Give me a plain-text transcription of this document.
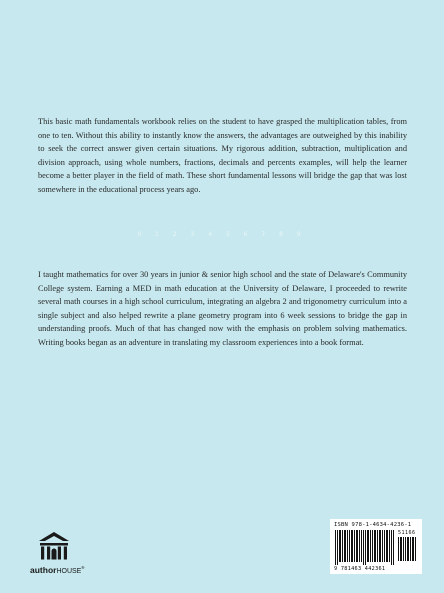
This basic math fundamentals workbook relies on the student to have grasped the multiplication tables, from one to ten. Without this ability to instantly know the answers, the advantages are outweighed by this inability to seek the correct answer given certain situations. My rigorous addition, subtraction, multiplication and division approach, using whole numbers, fractions, decimals and percents examples, will help the learner become a better player in the field of math. These short fundamental lessons will bridge the gap that was lost somewhere in the educational process years ago.

0 1 2 3 4 5 6 7 8 9

I taught mathematics for over 30 years in junior & senior high school and the state of Delaware's Community College system. Earning a MED in math education at the University of Delaware, I proceeded to rewrite several math courses in a high school curriculum, integrating an algebra 2 and trigonometry curriculum into a single subject and also helped rewrite a plane geometry program into 6 week sessions to bridge the gap in understanding proofs. Much of that has changed now with the emphasis on problem solving mathematics. Writing books began as an adventure in translating my classroom experiences into a book format.

authorHOUSE®
ISBN 978-1-4634-4236-1
51166
9 781463 442361
